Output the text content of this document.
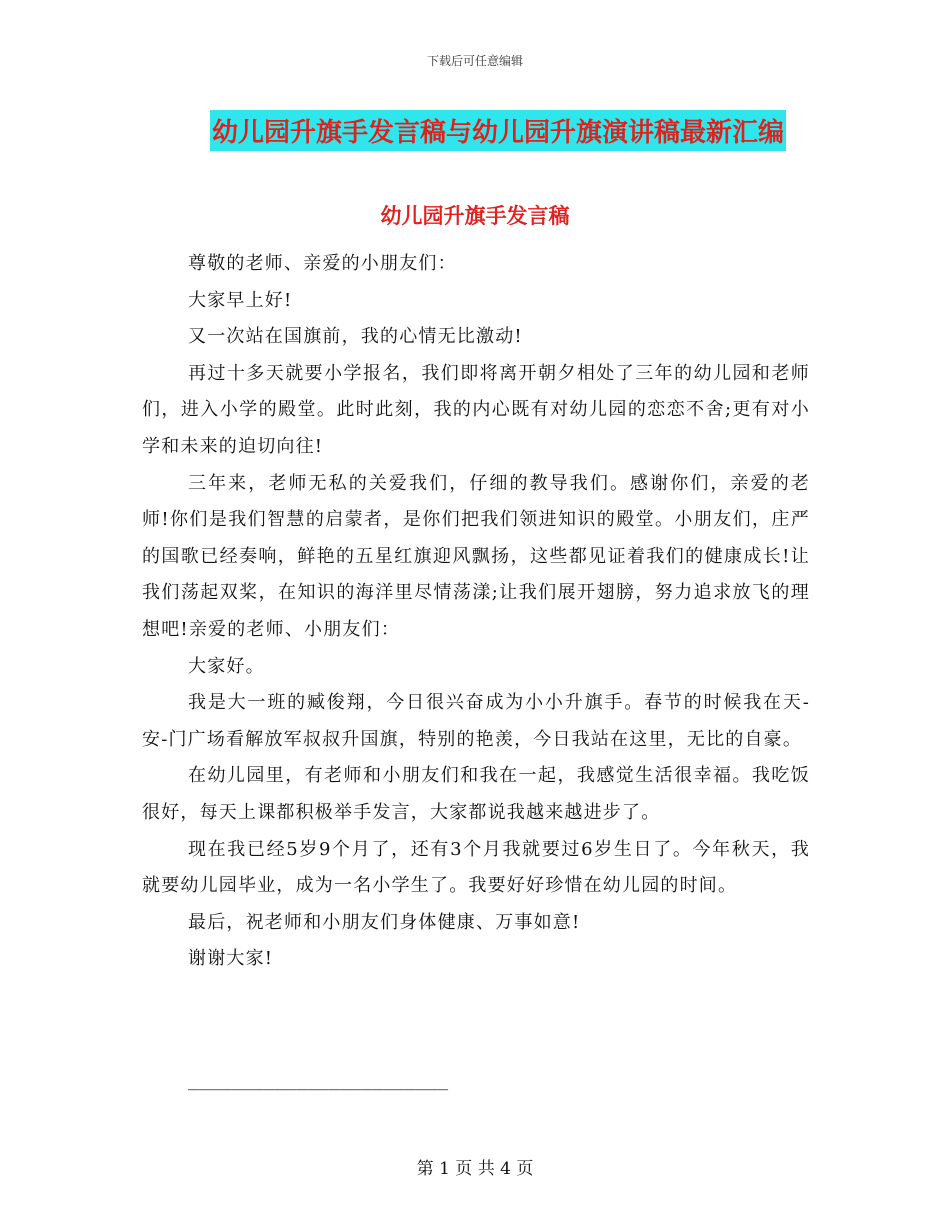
下载后可任意编辑
幼儿园升旗手发言稿与幼儿园升旗演讲稿最新汇编
幼儿园升旗手发言稿

尊敬的老师、亲爱的小朋友们：

大家早上好!

又一次站在国旗前，我的心情无比激动!

再过十多天就要小学报名，我们即将离开朝夕相处了三年的幼儿园和老师们，进入小学的殿堂。此时此刻，我的内心既有对幼儿园的恋恋不舍;更有对小学和未来的迫切向往!

三年来，老师无私的关爱我们，仔细的教导我们。感谢你们，亲爱的老师!你们是我们智慧的启蒙者，是你们把我们领进知识的殿堂。小朋友们，庄严的国歌已经奏响，鲜艳的五星红旗迎风飘扬，这些都见证着我们的健康成长!让我们荡起双桨，在知识的海洋里尽情荡漾;让我们展开翅膀，努力追求放飞的理想吧!亲爱的老师、小朋友们：

大家好。

我是大一班的臧俊翔，今日很兴奋成为小小升旗手。春节的时候我在天-安-门广场看解放军叔叔升国旗，特别的艳羡，今日我站在这里，无比的自豪。

在幼儿园里，有老师和小朋友们和我在一起，我感觉生活很幸福。我吃饭很好，每天上课都积极举手发言，大家都说我越来越进步了。

现在我已经5岁9个月了，还有3个月我就要过6岁生日了。今年秋天，我就要幼儿园毕业，成为一名小学生了。我要好好珍惜在幼儿园的时间。

最后，祝老师和小朋友们身体健康、万事如意!

谢谢大家!

________________________
第 1 页 共 4 页
